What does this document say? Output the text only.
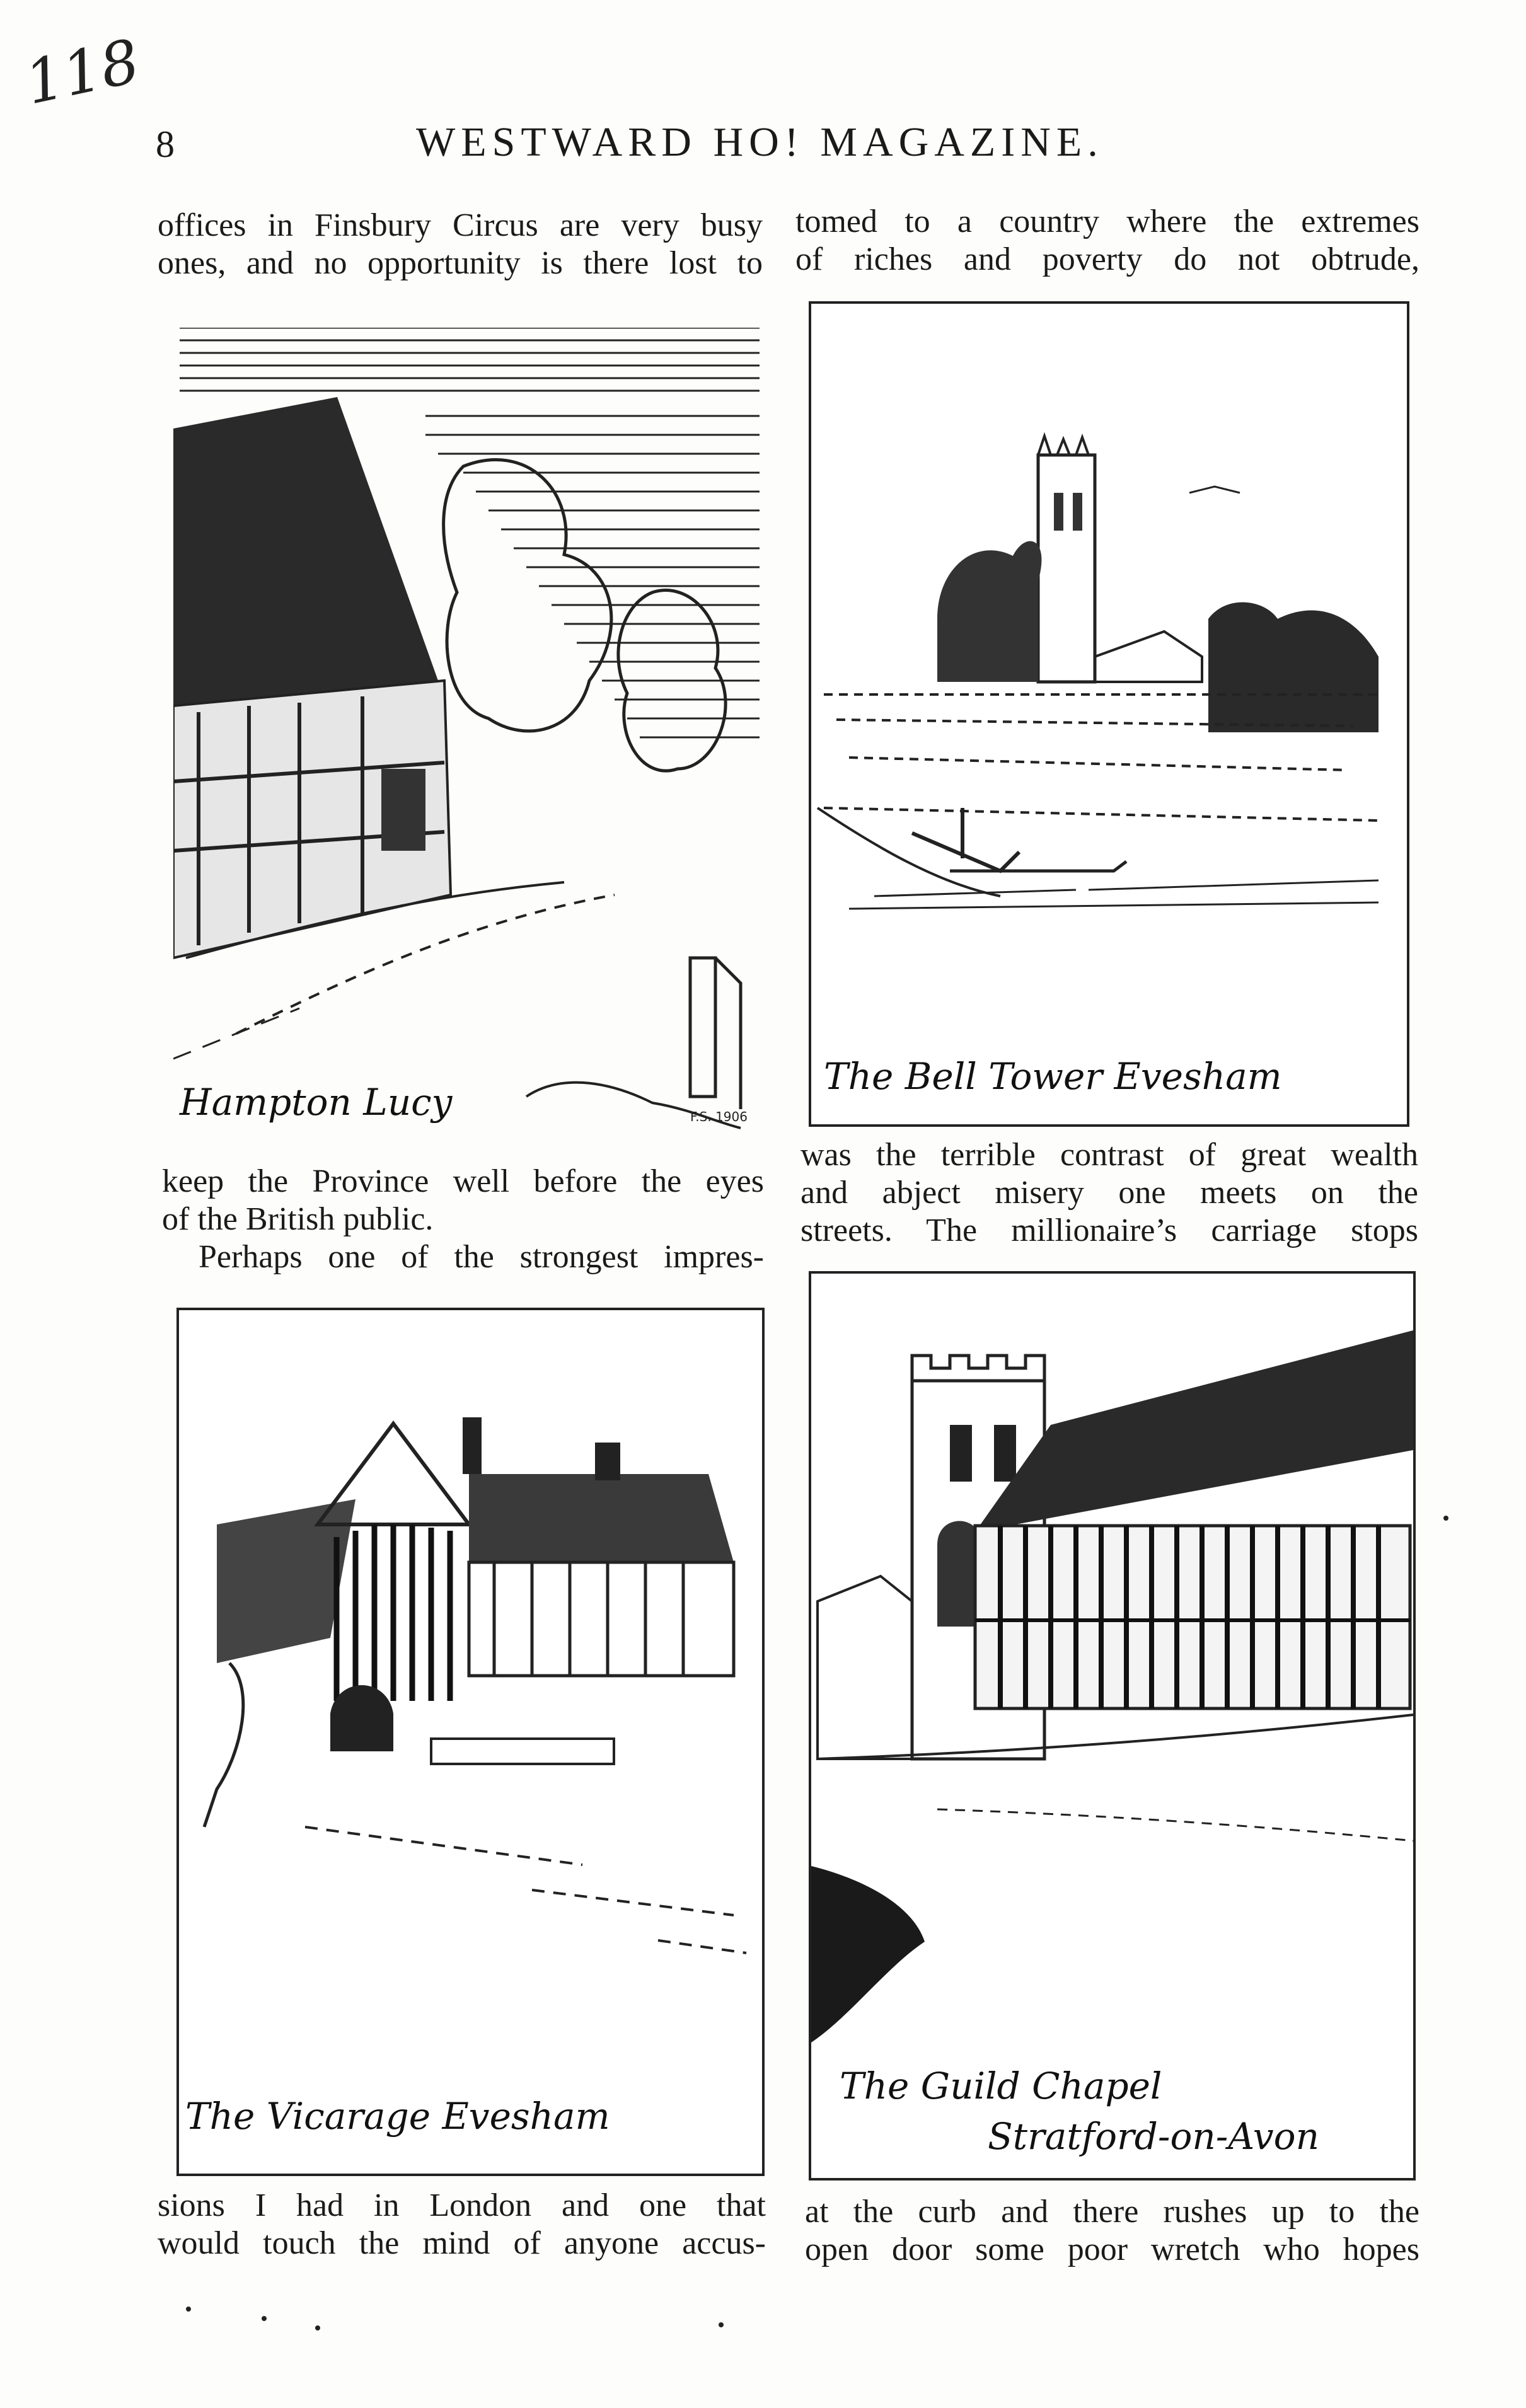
118
8	WESTWARD HO! MAGAZINE.
offices in Finsbury Circus are very busy
ones, and no opportunity is there lost to
tomed to a country where the extremes
of riches and poverty do not obtrude,
Hampton Lucy	F.S. 1906
The Bell Tower Evesham
keep the Province well before the eyes
of the British public.
Perhaps one of the strongest impres-
was the terrible contrast of great wealth
and abject misery one meets on the
streets. The millionaire’s carriage stops
The Vicarage Evesham
The Guild Chapel
Stratford-on-Avon
sions I had in London and one that
would touch the mind of anyone accus-
at the curb and there rushes up to the
open door some poor wretch who hopes
